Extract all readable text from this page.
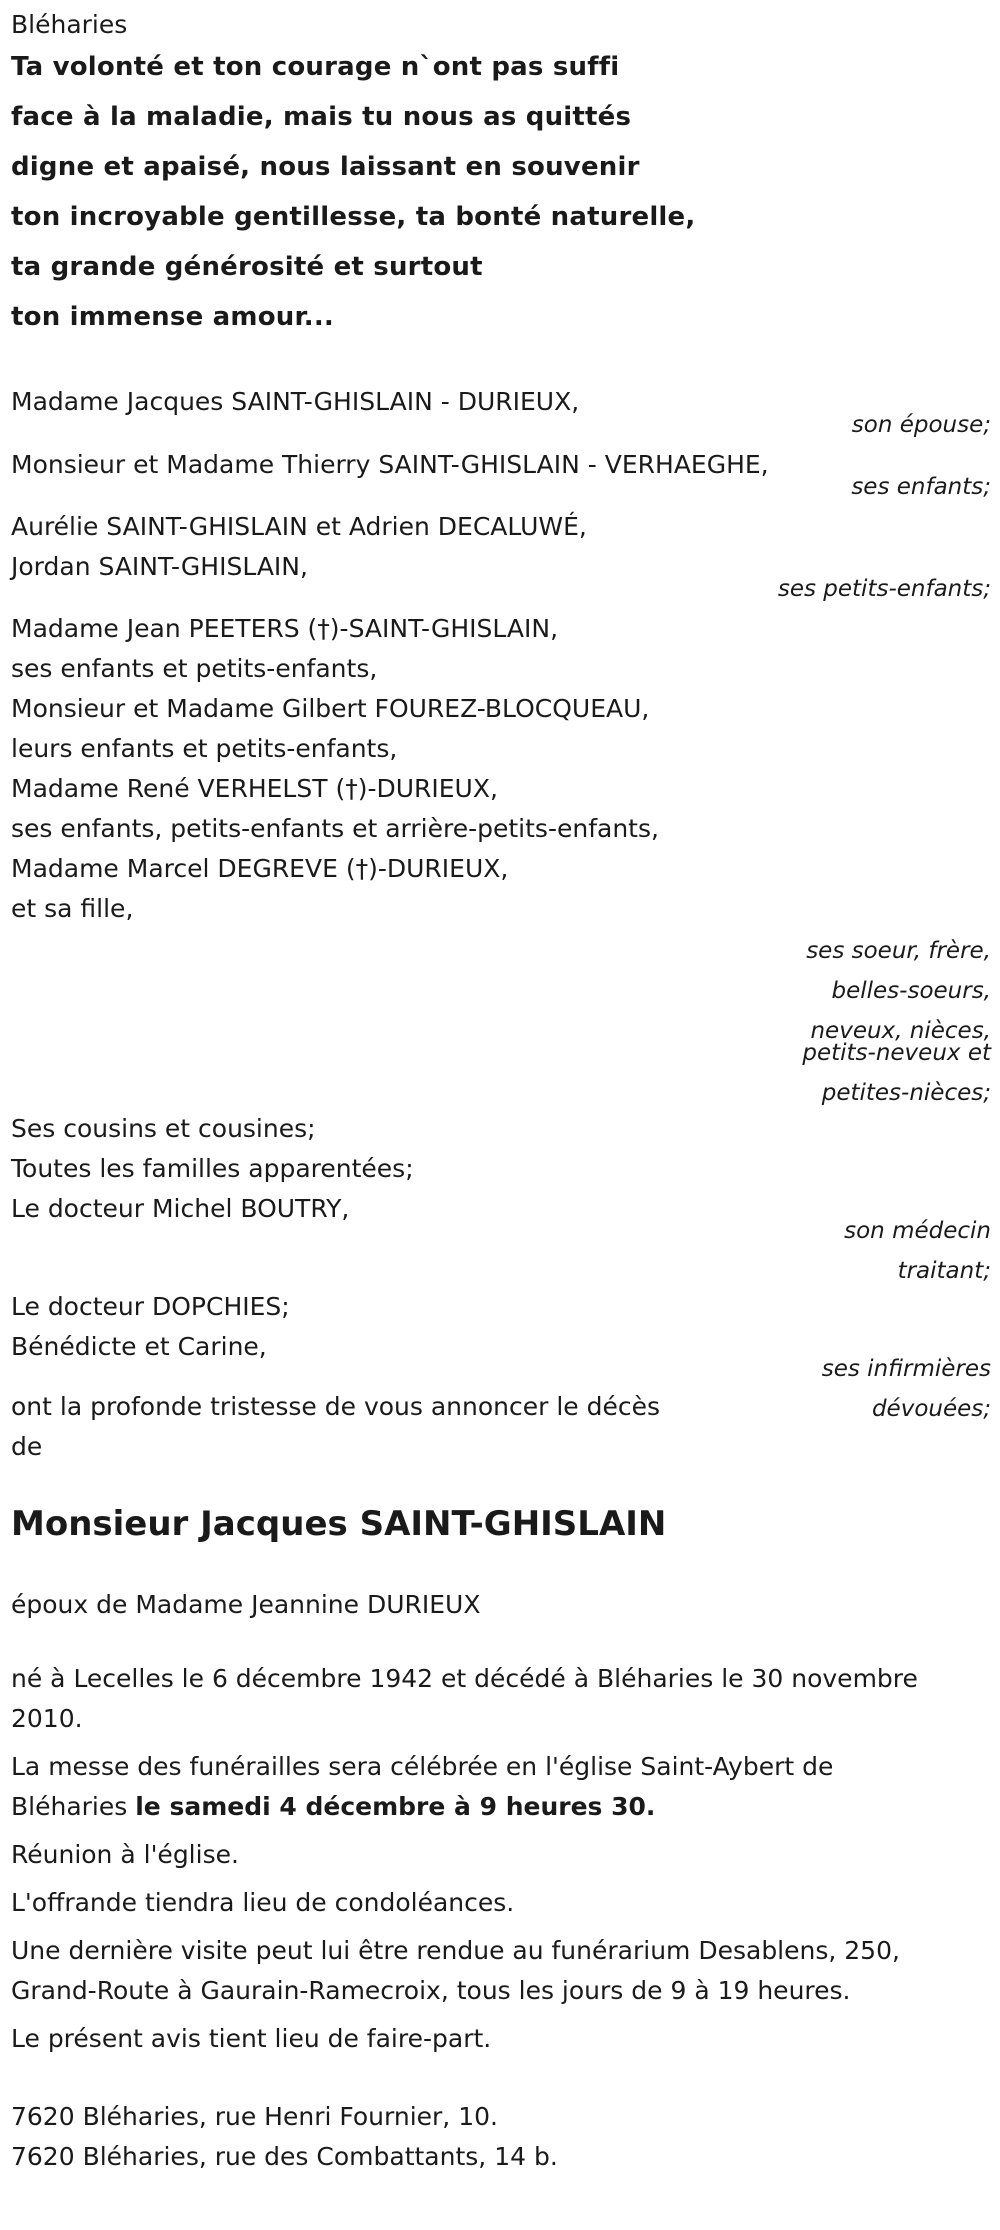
Bléharies
Ta volonté et ton courage n`ont pas suffi
face à la maladie, mais tu nous as quittés
digne et apaisé, nous laissant en souvenir
ton incroyable gentillesse, ta bonté naturelle,
ta grande générosité et surtout
ton immense amour...
Madame Jacques SAINT-GHISLAIN - DURIEUX,
son épouse;
Monsieur et Madame Thierry SAINT-GHISLAIN - VERHAEGHE,
ses enfants;
Aurélie SAINT-GHISLAIN et Adrien DECALUWÉ,
Jordan SAINT-GHISLAIN,
ses petits-enfants;
Madame Jean PEETERS (†)-SAINT-GHISLAIN,
ses enfants et petits-enfants,
Monsieur et Madame Gilbert FOUREZ-BLOCQUEAU,
leurs enfants et petits-enfants,
Madame René VERHELST (†)-DURIEUX,
ses enfants, petits-enfants et arrière-petits-enfants,
Madame Marcel DEGREVE (†)-DURIEUX,
et sa fille,
ses soeur, frère,
belles-soeurs,
neveux, nièces,
petits-neveux et
petites-nièces;
Ses cousins et cousines;
Toutes les familles apparentées;
Le docteur Michel BOUTRY,
son médecin
traitant;
Le docteur DOPCHIES;
Bénédicte et Carine,
ses infirmières
dévouées;
ont la profonde tristesse de vous annoncer le décès
de
Monsieur Jacques SAINT-GHISLAIN
époux de Madame Jeannine DURIEUX
né à Lecelles le 6 décembre 1942 et décédé à Bléharies le 30 novembre
2010.
La messe des funérailles sera célébrée en l'église Saint-Aybert de
Bléharies le samedi 4 décembre à 9 heures 30.
Réunion à l'église.
L'offrande tiendra lieu de condoléances.
Une dernière visite peut lui être rendue au funérarium Desablens, 250,
Grand-Route à Gaurain-Ramecroix, tous les jours de 9 à 19 heures.
Le présent avis tient lieu de faire-part.
7620 Bléharies, rue Henri Fournier, 10.
7620 Bléharies, rue des Combattants, 14 b.
